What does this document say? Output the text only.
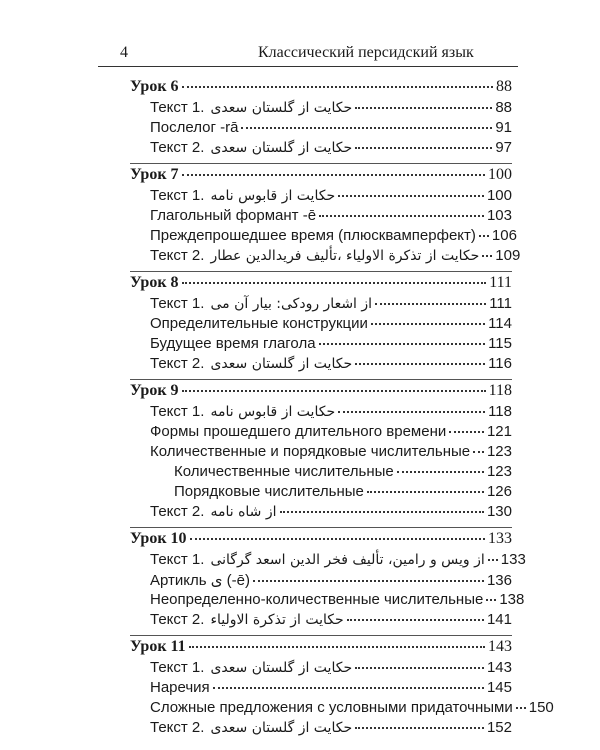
4	Классический персидский язык
Урок 6	88
Текст 1. حکایت از گلستان سعدی	88
Послелог -rā	91
Текст 2. حکایت از گلستان سعدی	97
Урок 7	100
Текст 1. حکایت از قابوس نامه	100
Глагольный формант -ē	103
Преждепрошедшее время (плюсквамперфект) 106
Текст 2. حکایت از تذکرة الاولیاء ،تألیف فریدالدین عطار 109
Урок 8	111
Текст 1. از اشعار رودکی: بیار آن می	111
Определительные конструкции	114
Будущее время глагола	115
Текст 2. حکایت از گلستان سعدی	116
Урок 9	118
Текст 1. حکایت از قابوس نامه	118
Формы прошедшего длительного времени	121
Количественные и порядковые числительные 123
Количественные числительные	123
Порядковые числительные	126
Текст 2. از شاه نامه	130
Урок 10	133
Текст 1. از ویس و رامین، تألیف فخر الدین اسعد گرگانی 133
Артикль ی (-ē)	136
Неопределенно-количественные числительные 138
Текст 2. حکایت از تذکرة الاولیاء	141
Урок 11	143
Текст 1. حکایت از گلستان سعدی	143
Наречия	145
Сложные предложения с условными придаточными 150
Текст 2. حکایت از گلستان سعدی	152
